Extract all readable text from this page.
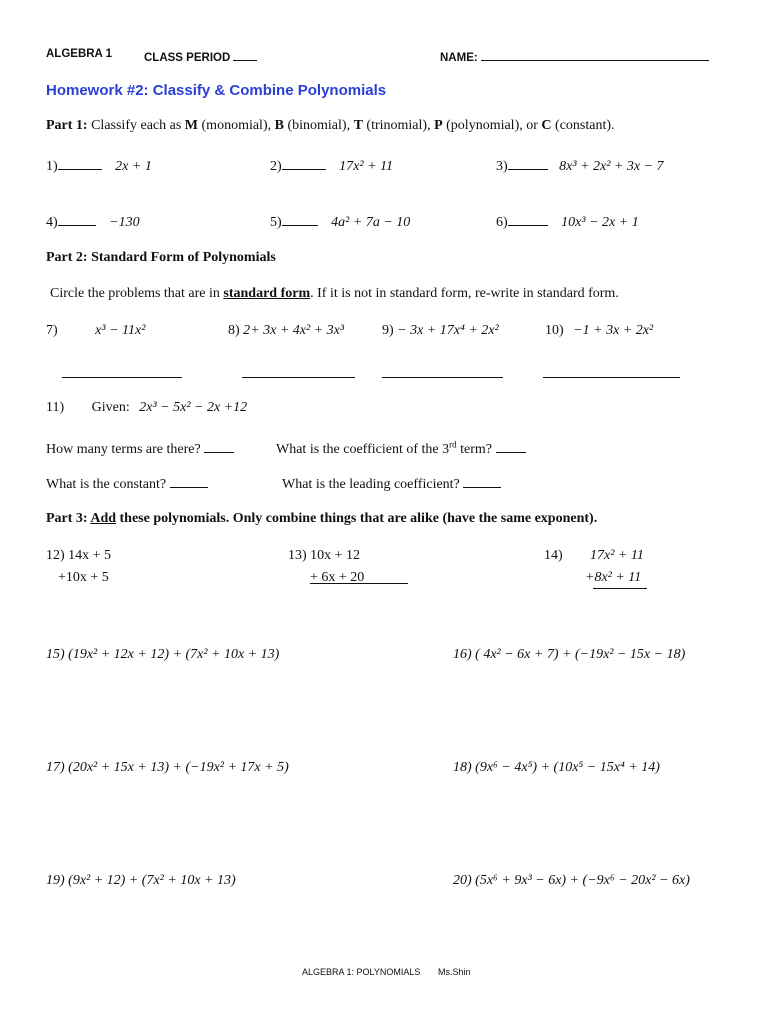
ALGEBRA 1	CLASS PERIOD	NAME:
Homework #2: Classify & Combine Polynomials
Part 1: Classify each as M (monomial), B (binomial), T (trinomial), P (polynomial), or C (constant).
1)	2x + 1	2)	17x² + 11	3)	8x³ + 2x² + 3x − 7
4)	−130	5)	4a² + 7a − 10	6)	10x³ − 2x + 1
Part 2: Standard Form of Polynomials
Circle the problems that are in standard form. If it is not in standard form, re-write in standard form.
7)	x³ − 11x²	8) 2+ 3x + 4x² + 3x³	9) − 3x + 17x⁴ + 2x²	10) −1 + 3x + 2x²
11) Given: 2x³ − 5x² − 2x +12
How many terms are there?	What is the coefficient of the 3rd term?
What is the constant?	What is the leading coefficient?
Part 3: Add these polynomials. Only combine things that are alike (have the same exponent).
12) 14x + 5
+10x + 5
13) 10x + 12
+ 6x + 20
14) 17x² + 11
+8x² + 11
15) (19x² + 12x + 12) + (7x² + 10x + 13)	16) ( 4x² − 6x + 7) + (−19x² − 15x − 18)
17) (20x² + 15x + 13) + (−19x² + 17x + 5)	18) (9x⁶ − 4x⁵) + (10x⁵ − 15x⁴ + 14)
19) (9x² + 12) + (7x² + 10x + 13)	20) (5x⁶ + 9x³ − 6x) + (−9x⁶ − 20x² − 6x)
ALGEBRA 1: POLYNOMIALS Ms.Shin
